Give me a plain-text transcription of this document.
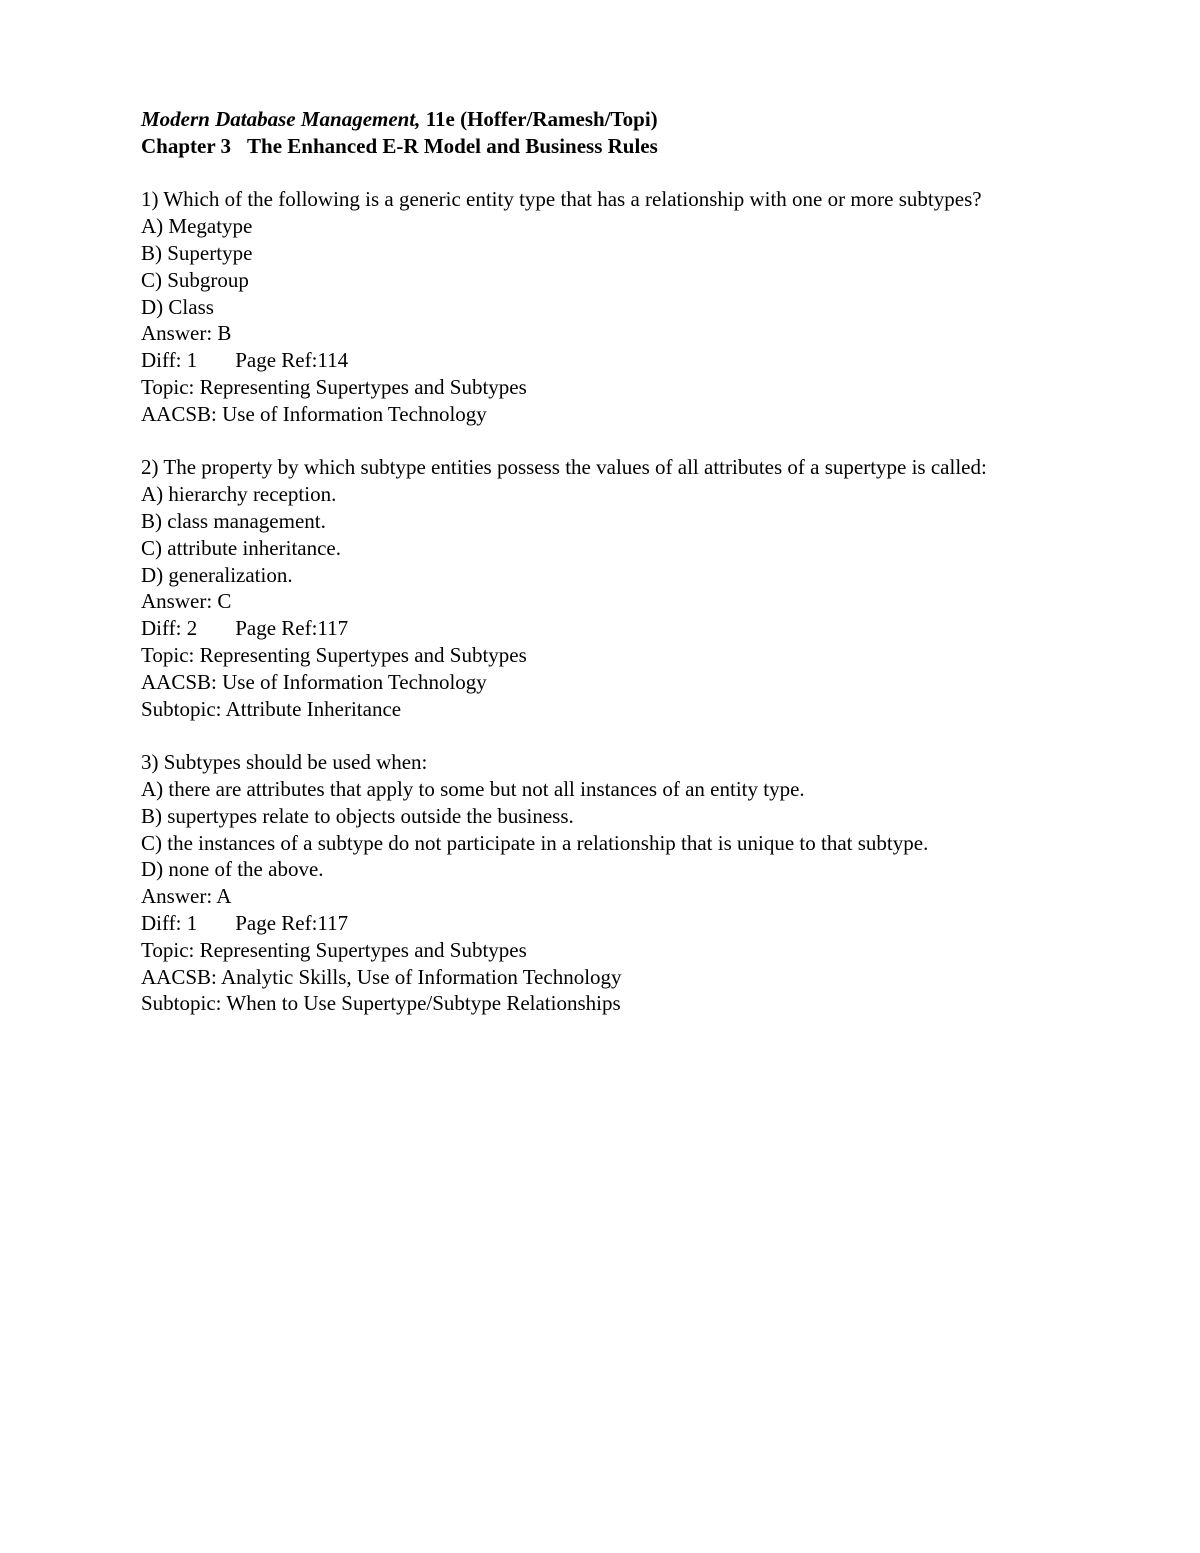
Modern Database Management, 11e (Hoffer/Ramesh/Topi)
Chapter 3 The Enhanced E-R Model and Business Rules
1) Which of the following is a generic entity type that has a relationship with one or more subtypes?
A) Megatype
B) Supertype
C) Subgroup
D) Class
Answer: B
Diff: 1 Page Ref:114
Topic: Representing Supertypes and Subtypes
AACSB: Use of Information Technology
2) The property by which subtype entities possess the values of all attributes of a supertype is called:
A) hierarchy reception.
B) class management.
C) attribute inheritance.
D) generalization.
Answer: C
Diff: 2 Page Ref:117
Topic: Representing Supertypes and Subtypes
AACSB: Use of Information Technology
Subtopic: Attribute Inheritance
3) Subtypes should be used when:
A) there are attributes that apply to some but not all instances of an entity type.
B) supertypes relate to objects outside the business.
C) the instances of a subtype do not participate in a relationship that is unique to that subtype.
D) none of the above.
Answer: A
Diff: 1 Page Ref:117
Topic: Representing Supertypes and Subtypes
AACSB: Analytic Skills, Use of Information Technology
Subtopic: When to Use Supertype/Subtype Relationships
